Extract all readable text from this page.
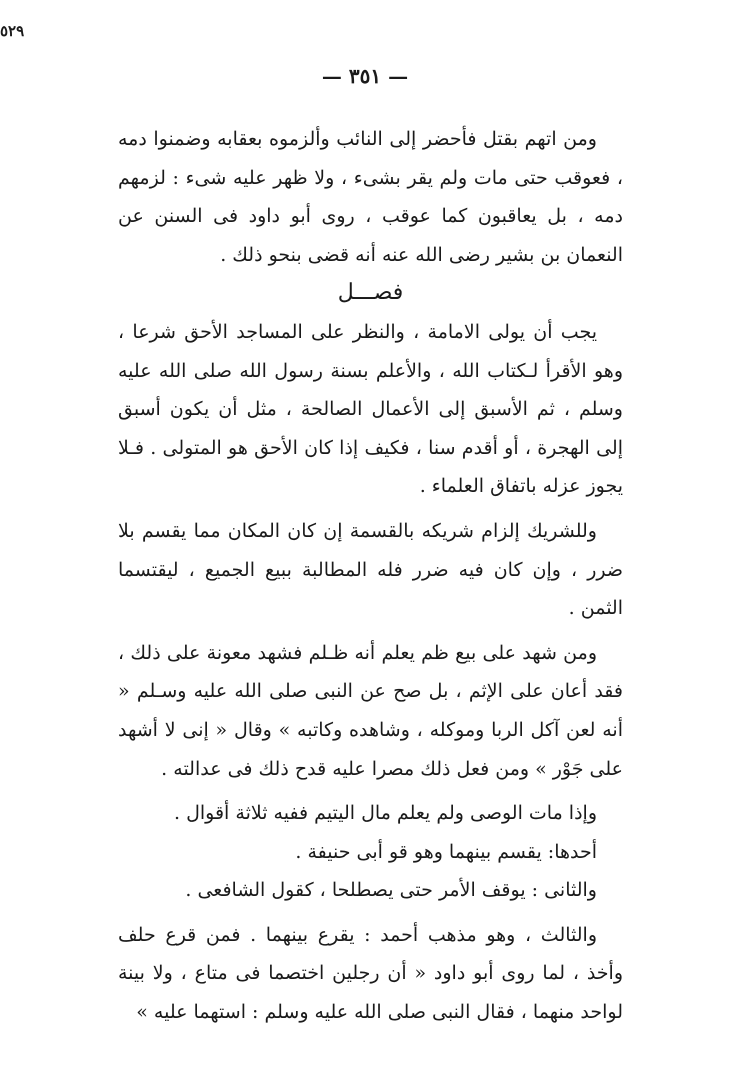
٥٢٩
— ٣٥١ —

ومن اتهم بقتل فأحضر إلى النائب وألزموه بعقابه وضمنوا دمه ، فعوقب حتى مات ولم يقر بشىء ، ولا ظهر عليه شىء : لزمهم دمه ، بل يعاقبون كما عوقب ، روى أبو داود فى السنن عن النعمان بن بشير رضى الله عنه أنه قضى بنحو ذلك .

فصـــل

يجب أن يولى الامامة ، والنظر على المساجد الأحق شرعا ، وهو الأقرأ لـكتاب الله ، والأعلم بسنة رسول الله صلى الله عليه وسلم ، ثم الأسبق إلى الأعمال الصالحة ، مثل أن يكون أسبق إلى الهجرة ، أو أقدم سنا ، فكيف إذا كان الأحق هو المتولى . فـلا يجوز عزله باتفاق العلماء .

وللشريك إلزام شريكه بالقسمة إن كان المكان مما يقسم بلا ضرر ، وإن كان فيه ضرر فله المطالبة ببيع الجميع ، ليقتسما الثمن .

ومن شهد على بيع ظم يعلم أنه ظـلم فشهد معونة على ذلك ، فقد أعان على الإثم ، بل صح عن النبى صلى الله عليه وسـلم « أنه لعن آكل الربا وموكله ، وشاهده وكاتبه » وقال « إنى لا أشهد على جَوْر » ومن فعل ذلك مصرا عليه قدح ذلك فى عدالته .

وإذا مات الوصى ولم يعلم مال اليتيم ففيه ثلاثة أقوال .

أحدها: يقسم بينهما وهو قو أبى حنيفة .

والثانى : يوقف الأمر حتى يصطلحا ، كقول الشافعى .

والثالث ، وهو مذهب أحمد : يقرع بينهما . فمن قرع حلف وأخذ ، لما روى أبو داود « أن رجلين اختصما فى متاع ، ولا بينة لواحد منهما ، فقال النبى صلى الله عليه وسلم : استهما عليه »
